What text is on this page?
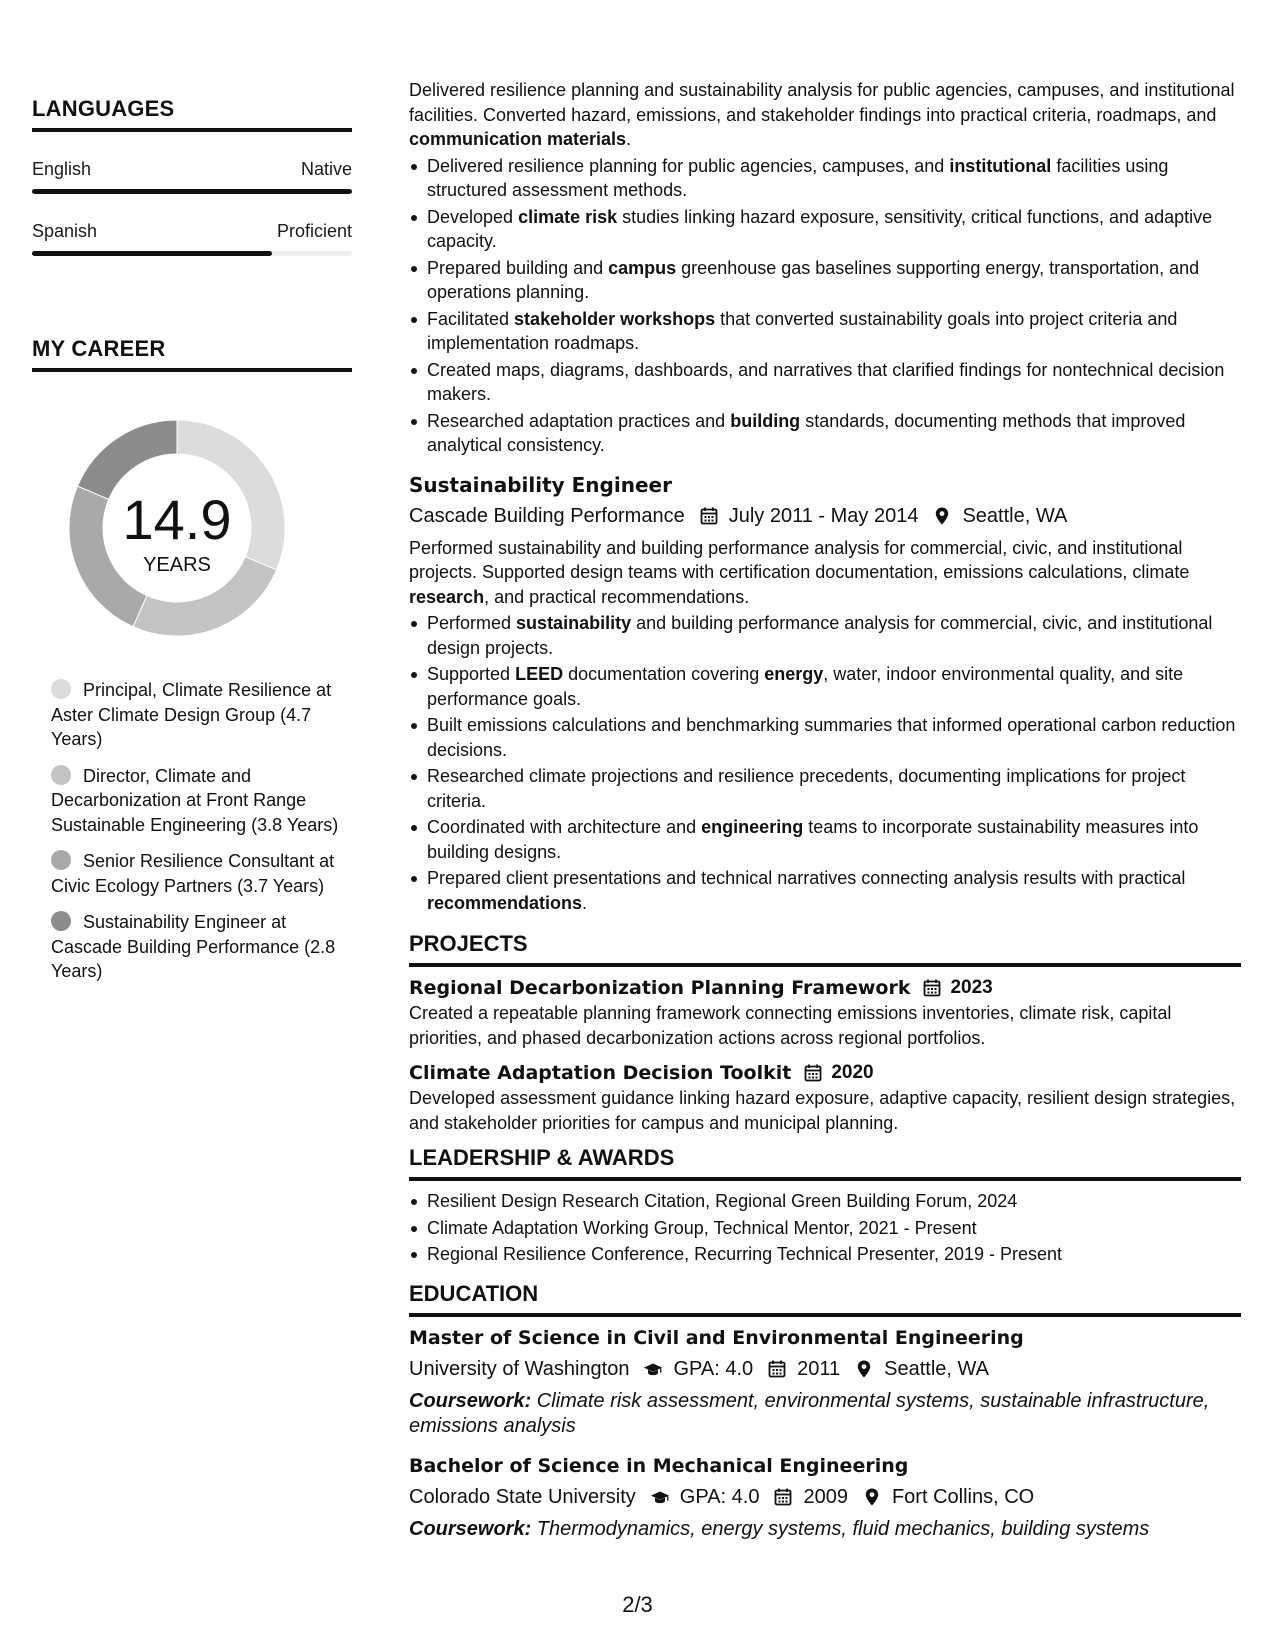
LANGUAGES
English	Native
Spanish	Proficient
MY CAREER
14.9
YEARS
Principal, Climate Resilience at Aster Climate Design Group (4.7 Years)
Director, Climate and Decarbonization at Front Range Sustainable Engineering (3.8 Years)
Senior Resilience Consultant at Civic Ecology Partners (3.7 Years)
Sustainability Engineer at Cascade Building Performance (2.8 Years)
Delivered resilience planning and sustainability analysis for public agencies, campuses, and institutional facilities. Converted hazard, emissions, and stakeholder findings into practical criteria, roadmaps, and communication materials.
Delivered resilience planning for public agencies, campuses, and institutional facilities using structured assessment methods.
Developed climate risk studies linking hazard exposure, sensitivity, critical functions, and adaptive capacity.
Prepared building and campus greenhouse gas baselines supporting energy, transportation, and operations planning.
Facilitated stakeholder workshops that converted sustainability goals into project criteria and implementation roadmaps.
Created maps, diagrams, dashboards, and narratives that clarified findings for nontechnical decision makers.
Researched adaptation practices and building standards, documenting methods that improved analytical consistency.
Sustainability Engineer
Cascade Building Performance July 2011 - May 2014 Seattle, WA
Performed sustainability and building performance analysis for commercial, civic, and institutional projects. Supported design teams with certification documentation, emissions calculations, climate research, and practical recommendations.
Performed sustainability and building performance analysis for commercial, civic, and institutional design projects.
Supported LEED documentation covering energy, water, indoor environmental quality, and site performance goals.
Built emissions calculations and benchmarking summaries that informed operational carbon reduction decisions.
Researched climate projections and resilience precedents, documenting implications for project criteria.
Coordinated with architecture and engineering teams to incorporate sustainability measures into building designs.
Prepared client presentations and technical narratives connecting analysis results with practical recommendations.
PROJECTS
Regional Decarbonization Planning Framework 2023
Created a repeatable planning framework connecting emissions inventories, climate risk, capital priorities, and phased decarbonization actions across regional portfolios.
Climate Adaptation Decision Toolkit 2020
Developed assessment guidance linking hazard exposure, adaptive capacity, resilient design strategies, and stakeholder priorities for campus and municipal planning.
LEADERSHIP & AWARDS
Resilient Design Research Citation, Regional Green Building Forum, 2024
Climate Adaptation Working Group, Technical Mentor, 2021 - Present
Regional Resilience Conference, Recurring Technical Presenter, 2019 - Present
EDUCATION
Master of Science in Civil and Environmental Engineering
University of Washington GPA: 4.0 2011 Seattle, WA
Coursework: Climate risk assessment, environmental systems, sustainable infrastructure, emissions analysis
Bachelor of Science in Mechanical Engineering
Colorado State University GPA: 4.0 2009 Fort Collins, CO
Coursework: Thermodynamics, energy systems, fluid mechanics, building systems
2/3
